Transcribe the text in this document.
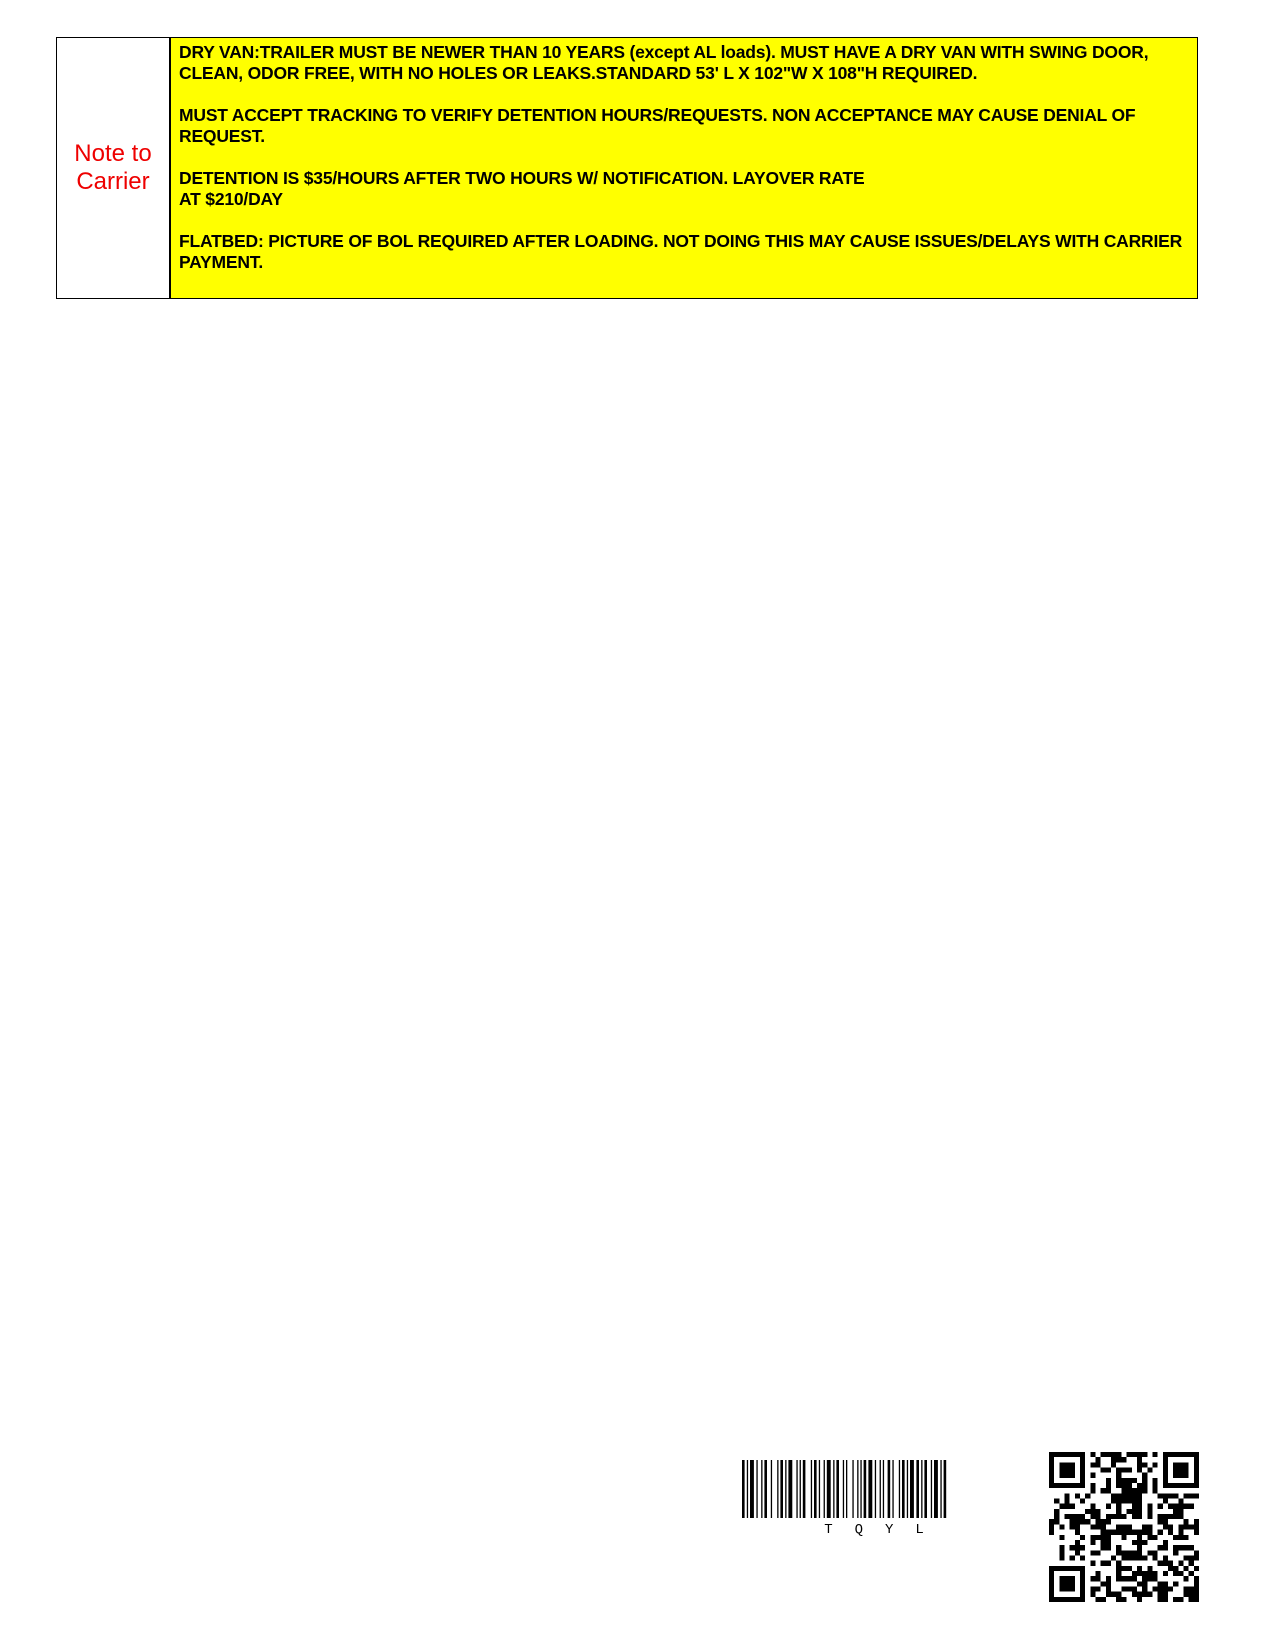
Note to
Carrier

DRY VAN:TRAILER MUST BE NEWER THAN 10 YEARS (except AL loads). MUST HAVE A DRY VAN WITH SWING DOOR, CLEAN, ODOR FREE, WITH NO HOLES OR LEAKS.STANDARD 53' L X 102"W X 108"H REQUIRED.

MUST ACCEPT TRACKING TO VERIFY DETENTION HOURS/REQUESTS. NON ACCEPTANCE MAY CAUSE DENIAL OF REQUEST.

DETENTION IS $35/HOURS AFTER TWO HOURS W/ NOTIFICATION. LAYOVER RATE
AT $210/DAY

FLATBED: PICTURE OF BOL REQUIRED AFTER LOADING. NOT DOING THIS MAY CAUSE ISSUES/DELAYS WITH CARRIER PAYMENT.

TQYL
